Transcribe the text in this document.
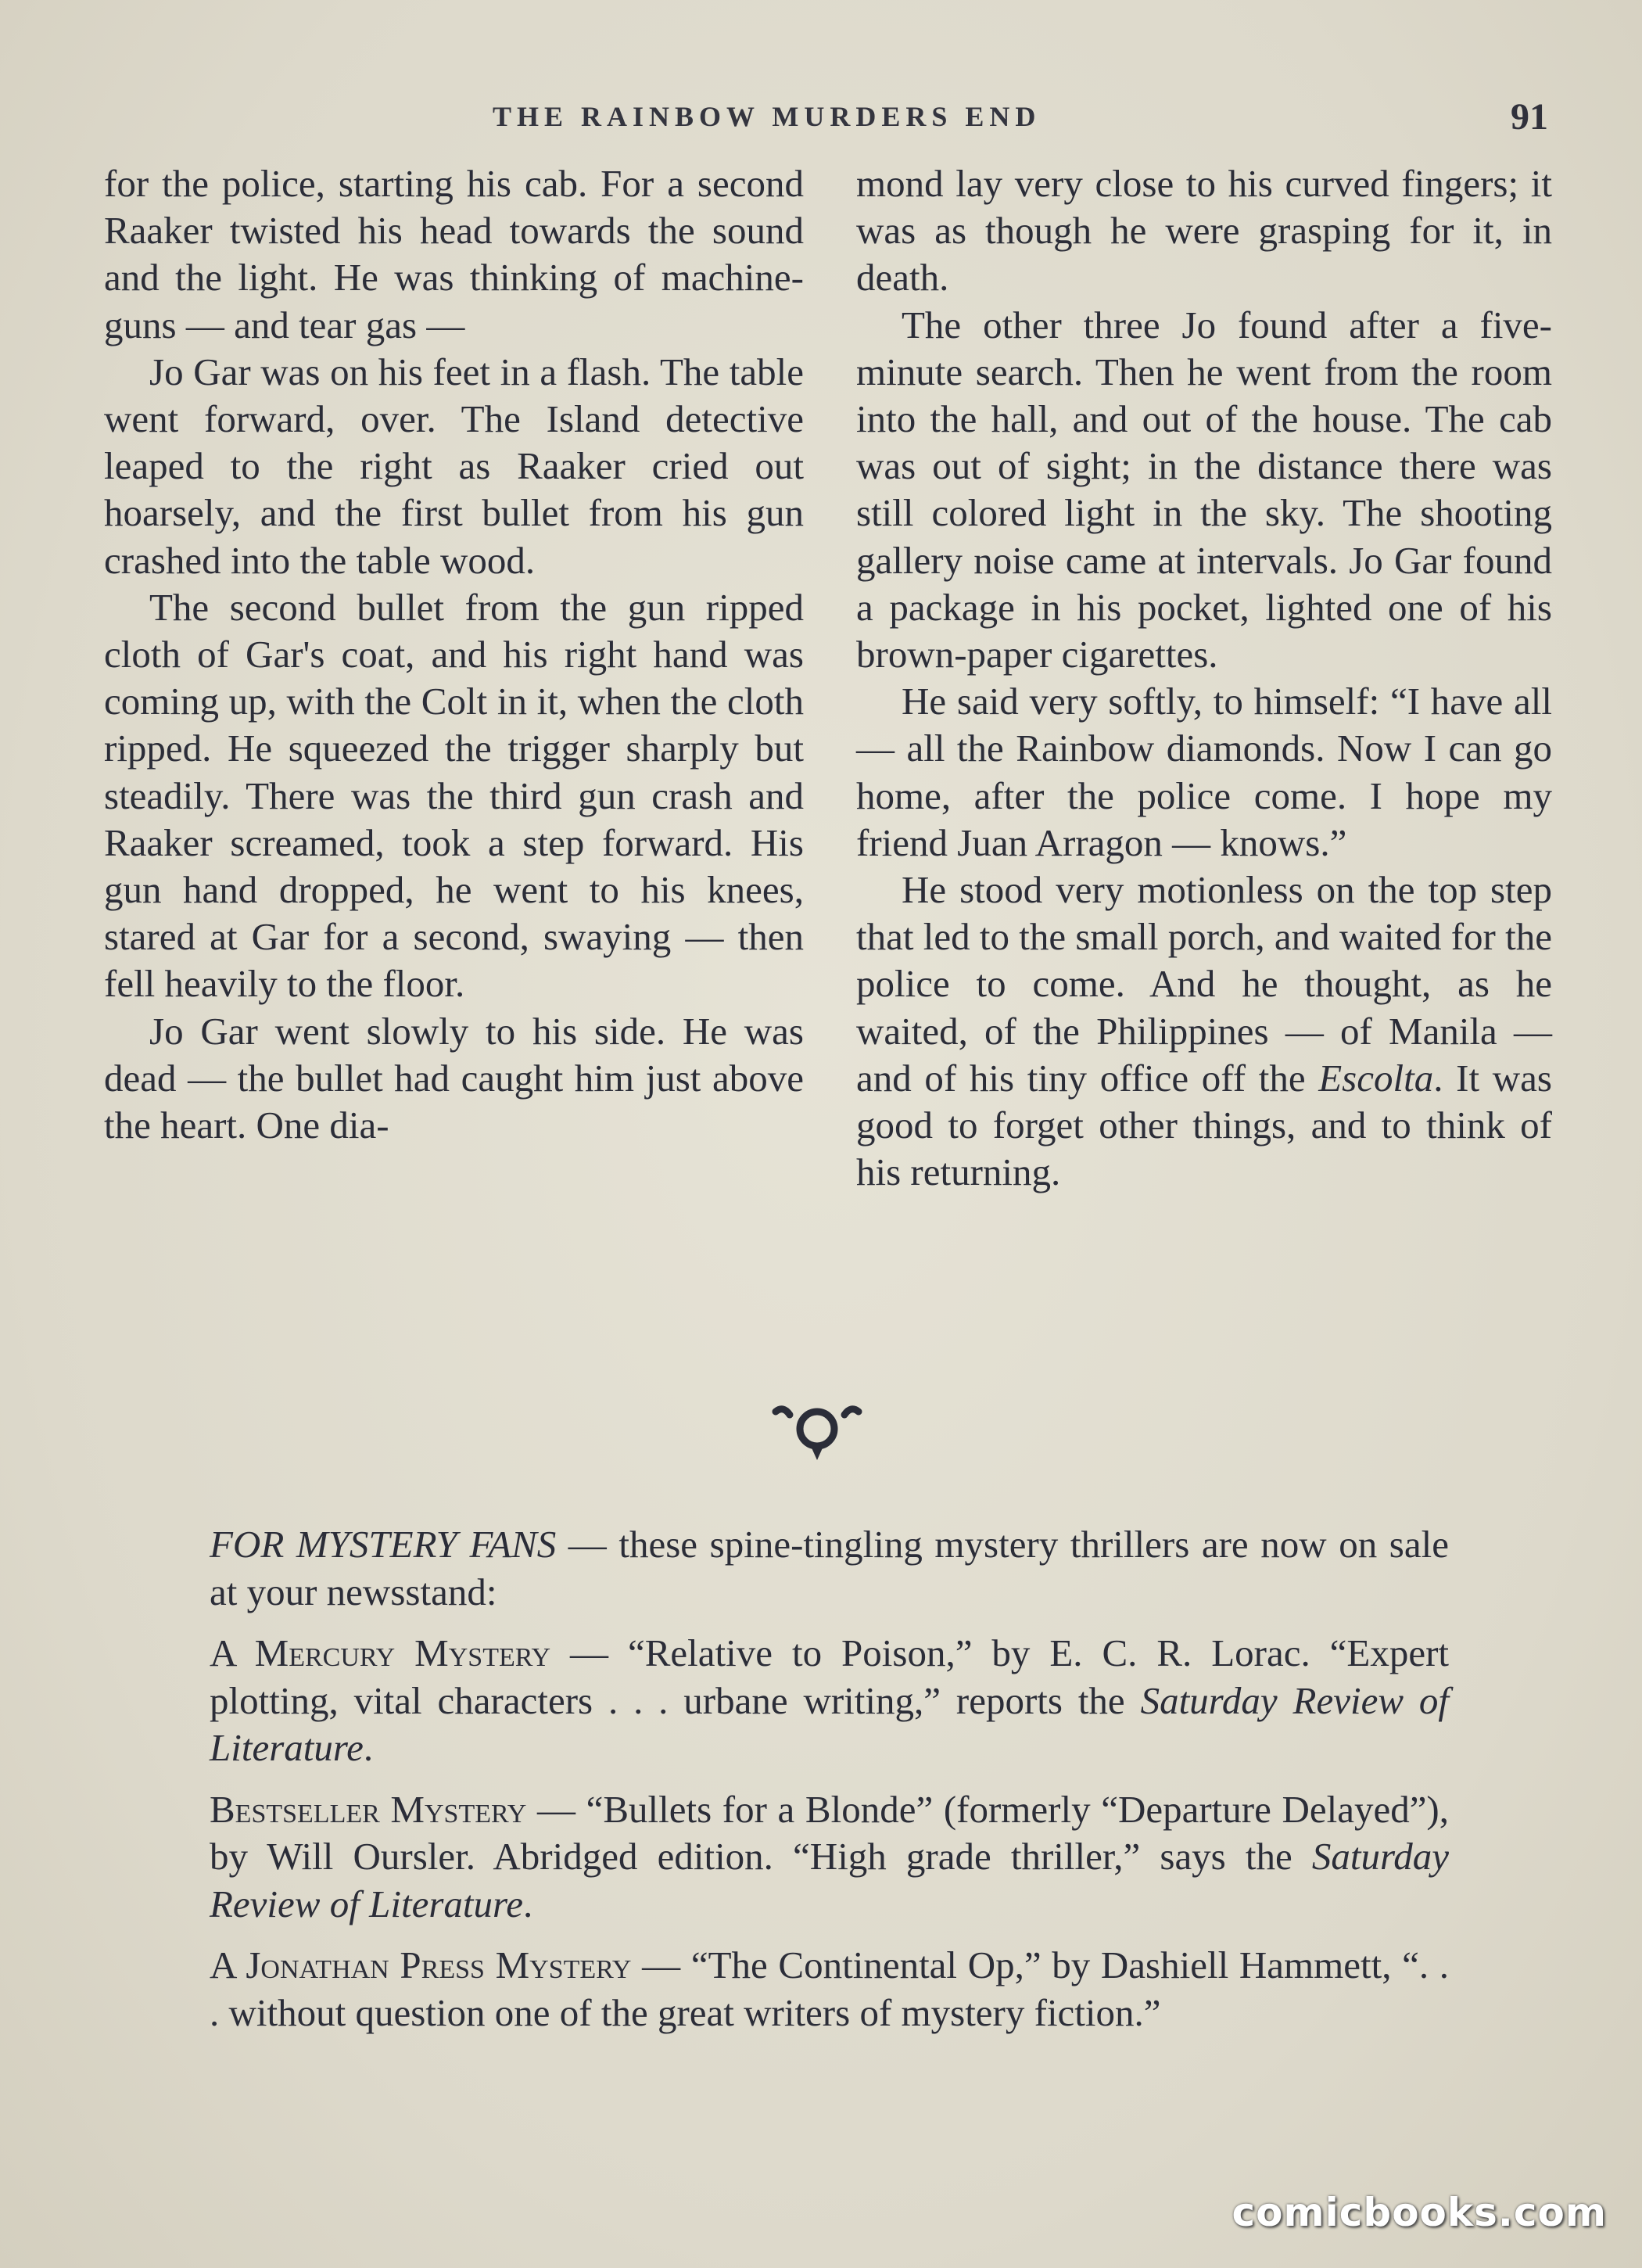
THE RAINBOW MURDERS END	91

for the police, starting his cab. For a second Raaker twisted his head towards the sound and the light. He was thinking of machine-guns — and tear gas —

Jo Gar was on his feet in a flash. The table went forward, over. The Island detective leaped to the right as Raaker cried out hoarsely, and the first bullet from his gun crashed into the table wood.

The second bullet from the gun ripped cloth of Gar's coat, and his right hand was coming up, with the Colt in it, when the cloth ripped. He squeezed the trigger sharply but steadily. There was the third gun crash and Raaker screamed, took a step forward. His gun hand dropped, he went to his knees, stared at Gar for a second, swaying — then fell heavily to the floor.

Jo Gar went slowly to his side. He was dead — the bullet had caught him just above the heart. One dia-

mond lay very close to his curved fingers; it was as though he were grasping for it, in death.

The other three Jo found after a five-minute search. Then he went from the room into the hall, and out of the house. The cab was out of sight; in the distance there was still colored light in the sky. The shooting gallery noise came at intervals. Jo Gar found a package in his pocket, lighted one of his brown-paper cigarettes.

He said very softly, to himself: “I have all — all the Rainbow diamonds. Now I can go home, after the police come. I hope my friend Juan Arragon — knows.”

He stood very motionless on the top step that led to the small porch, and waited for the police to come. And he thought, as he waited, of the Philippines — of Manila — and of his tiny office off the Escolta. It was good to forget other things, and to think of his returning.

FOR MYSTERY FANS — these spine-tingling mystery thrillers are now on sale at your newsstand:

A Mercury Mystery — “Relative to Poison,” by E. C. R. Lorac. “Expert plotting, vital characters . . . urbane writing,” reports the Saturday Review of Literature.

Bestseller Mystery — “Bullets for a Blonde” (formerly “Departure Delayed”), by Will Oursler. Abridged edition. “High grade thriller,” says the Saturday Review of Literature.

A Jonathan Press Mystery — “The Continental Op,” by Dashiell Hammett, “. . . without question one of the great writers of mystery fiction.”

comicbooks.com
